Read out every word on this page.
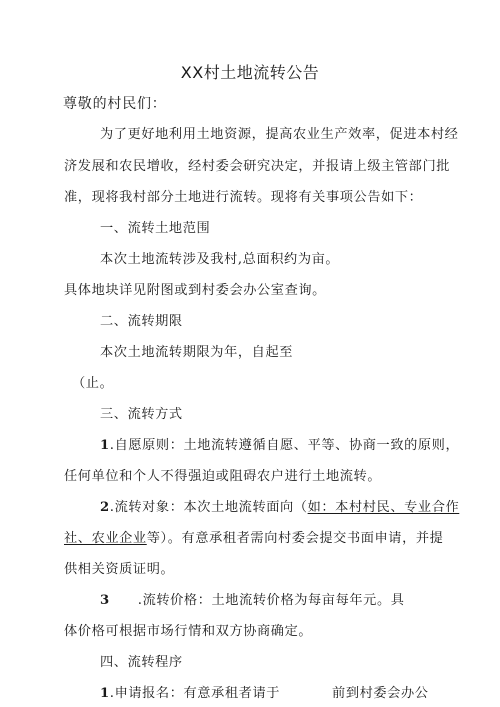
XX村土地流转公告
尊敬的村民们：
为了更好地利用土地资源，提高农业生产效率，促进本村经
济发展和农民增收，经村委会研究决定，并报请上级主管部门批
准，现将我村部分土地进行流转。现将有关事项公告如下：
一、流转土地范围
本次土地流转涉及我村,总面积约为亩。
具体地块详见附图或到村委会办公室查询。
二、流转期限
本次土地流转期限为年，自起至
（止。
三、流转方式
1.自愿原则：土地流转遵循自愿、平等、协商一致的原则，
任何单位和个人不得强迫或阻碍农户进行土地流转。
2.流转对象：本次土地流转面向（如：本村村民、专业合作
社、农业企业等）。有意承租者需向村委会提交书面申请，并提
供相关资质证明。
3 .流转价格：土地流转价格为每亩每年元。具
体价格可根据市场行情和双方协商确定。
四、流转程序
1.申请报名：有意承租者请于	前到村委会办公
